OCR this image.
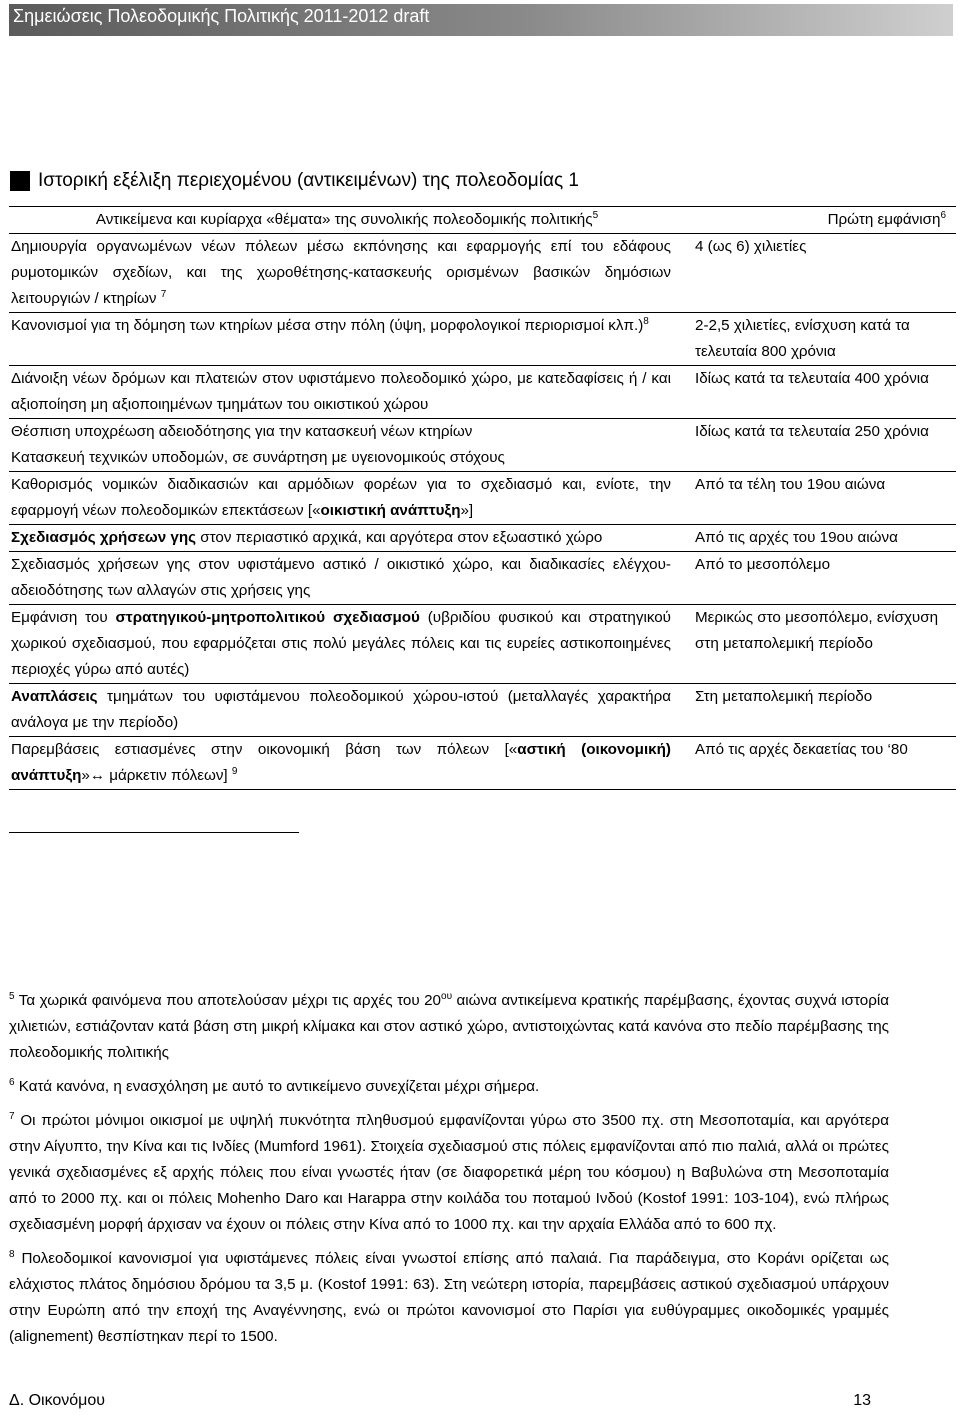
Σημειώσεις Πολεοδομικής Πολιτικής 2011-2012 draft
Ιστορική εξέλιξη περιεχομένου (αντικειμένων) της πολεοδομίας 1
Αντικείμενα και κυρίαρχα «θέματα» της συνολικής πολεοδομικής πολιτικής$^5$	Πρώτη εμφάνιση$^6$
Δημιουργία οργανωμένων νέων πόλεων μέσω εκπόνησης και εφαρμογής επί του εδάφους ρυμοτομικών σχεδίων, και της χωροθέτησης-κατασκευής ορισμένων βασικών δημόσιων λειτουργιών / κτηρίων $^7$	4 (ως 6) χιλιετίες
Κανονισμοί για τη δόμηση των κτηρίων μέσα στην πόλη (ύψη, μορφολογικοί περιορισμοί κλπ.)$^8$	2-2,5 χιλιετίες, ενίσχυση κατά τα τελευταία 800 χρόνια
Διάνοιξη νέων δρόμων και πλατειών στον υφιστάμενο πολεοδομικό χώρο, με κατεδαφίσεις ή / και αξιοποίηση μη αξιοποιημένων τμημάτων του οικιστικού χώρου	Ιδίως κατά τα τελευταία 400 χρόνια

Θέσπιση υποχρέωση αδειοδότησης για την κατασκευή νέων κτηρίων
Κατασκευή τεχνικών υποδομών, σε συνάρτηση με υγειονομικούς στόχους	Ιδίως κατά τα τελευταία 250 χρόνια
Καθορισμός νομικών διαδικασιών και αρμόδιων φορέων για το σχεδιασμό και, ενίοτε, την εφαρμογή νέων πολεοδομικών επεκτάσεων [«οικιστική ανάπτυξη»]	Από τα τέλη του 19ου αιώνα
Σχεδιασμός χρήσεων γης στον περιαστικό αρχικά, και αργότερα στον εξωαστικό χώρο	Από τις αρχές του 19ου αιώνα
Σχεδιασμός χρήσεων γης στον υφιστάμενο αστικό / οικιστικό χώρο, και διαδικασίες ελέγχου-αδειοδότησης των αλλαγών στις χρήσεις γης	Από το μεσοπόλεμο
Εμφάνιση του στρατηγικού-μητροπολιτικού σχεδιασμού (υβριδίου φυσικού και στρατηγικού χωρικού σχεδιασμού, που εφαρμόζεται στις πολύ μεγάλες πόλεις και τις ευρείες αστικοποιημένες περιοχές γύρω από αυτές)	Μερικώς στο μεσοπόλεμο, ενίσχυση στη μεταπολεμική περίοδο
Αναπλάσεις τμημάτων του υφιστάμενου πολεοδομικού χώρου-ιστού (μεταλλαγές χαρακτήρα ανάλογα με την περίοδο)	Στη μεταπολεμική περίοδο
Παρεμβάσεις εστιασμένες στην οικονομική βάση των πόλεων [«αστική (οικονομική) ανάπτυξη»↔ μάρκετιν πόλεων] $^9$	Από τις αρχές δεκαετίας του ‘80

$^5$ Τα χωρικά φαινόμενα που αποτελούσαν μέχρι τις αρχές του $20^{o\upsilon}$ αιώνα αντικείμενα κρατικής παρέμβασης, έχοντας συχνά ιστορία χιλιετιών, εστιάζονταν κατά βάση στη μικρή κλίμακα και στον αστικό χώρο, αντιστοιχώντας κατά κανόνα στο πεδίο παρέμβασης της πολεοδομικής πολιτικής

$^6$ Κατά κανόνα, η ενασχόληση με αυτό το αντικείμενο συνεχίζεται μέχρι σήμερα.

$^7$ Οι πρώτοι μόνιμοι οικισμοί με υψηλή πυκνότητα πληθυσμού εμφανίζονται γύρω στο 3500 πχ. στη Μεσοποταμία, και αργότερα στην Αίγυπτο, την Κίνα και τις Ινδίες (Mumford 1961). Στοιχεία σχεδιασμού στις πόλεις εμφανίζονται από πιο παλιά, αλλά οι πρώτες γενικά σχεδιασμένες εξ αρχής πόλεις που είναι γνωστές ήταν (σε διαφορετικά μέρη του κόσμου) η Βαβυλώνα στη Μεσοποταμία από το 2000 πχ. και οι πόλεις Mohenho Daro και Harappa στην κοιλάδα του ποταμού Ινδού (Kostof 1991: 103-104), ενώ πλήρως σχεδιασμένη μορφή άρχισαν να έχουν οι πόλεις στην Κίνα από το 1000 πχ. και την αρχαία Ελλάδα από το 600 πχ.

$^8$ Πολεοδομικοί κανονισμοί για υφιστάμενες πόλεις είναι γνωστοί επίσης από παλαιά. Για παράδειγμα, στο Κοράνι ορίζεται ως ελάχιστος πλάτος δημόσιου δρόμου τα 3,5 μ. (Kostof 1991: 63). Στη νεώτερη ιστορία, παρεμβάσεις αστικού σχεδιασμού υπάρχουν στην Ευρώπη από την εποχή της Αναγέννησης, ενώ οι πρώτοι κανονισμοί στο Παρίσι για ευθύγραμμες οικοδομικές γραμμές (alignement) θεσπίστηκαν περί το 1500.

Δ. Οικονόμου	13
